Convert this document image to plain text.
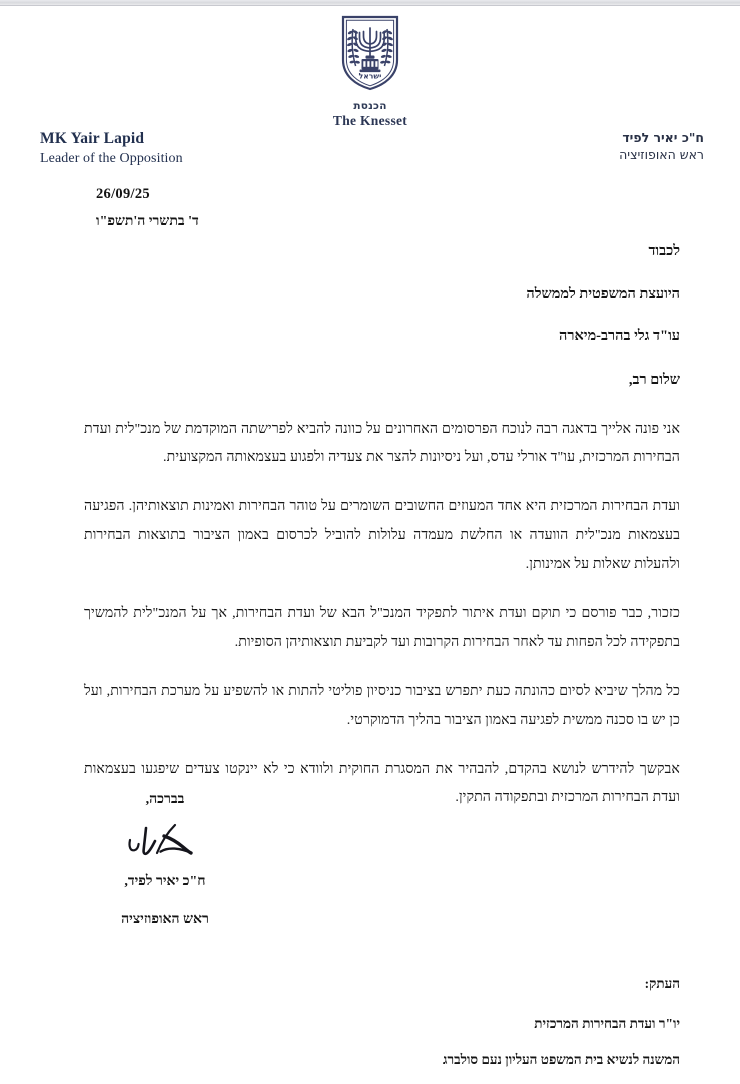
ישראל
הכנסת
The Knesset
MK Yair Lapid
Leader of the Opposition
ח"כ יאיר לפיד
ראש האופוזיציה
26/09/25
ד' בתשרי ה'תשפ"ו
לכבוד
היועצת המשפטית לממשלה
עו"ד גלי בהרב-מיארה
שלום רב,

אני פונה אלייך בדאגה רבה לנוכח הפרסומים האחרונים על כוונה להביא לפרישתה המוקדמת של מנכ"לית ועדת הבחירות המרכזית, עו"ד אורלי עדס, ועל ניסיונות להצר את צעדיה ולפגוע בעצמאותה המקצועית.

ועדת הבחירות המרכזית היא אחד המעוזים החשובים השומרים על טוהר הבחירות ואמינות תוצאותיהן. הפגיעה בעצמאות מנכ"לית הוועדה או החלשת מעמדה עלולות להוביל לכרסום באמון הציבור בתוצאות הבחירות ולהעלות שאלות על אמינותן.

כזכור, כבר פורסם כי תוקם ועדת איתור לתפקיד המנכ"ל הבא של ועדת הבחירות, אך על המנכ"לית להמשיך בתפקידה לכל הפחות עד לאחר הבחירות הקרובות ועד לקביעת תוצאותיהן הסופיות.

כל מהלך שיביא לסיום כהונתה כעת יתפרש בציבור כניסיון פוליטי להתות או להשפיע על מערכת הבחירות, ועל כן יש בו סכנה ממשית לפגיעה באמון הציבור בהליך הדמוקרטי.

אבקשך להידרש לנושא בהקדם, להבהיר את המסגרת החוקית ולוודא כי לא יינקטו צעדים שיפגעו בעצמאות ועדת הבחירות המרכזית ובתפקודה התקין.

בברכה,
ח"כ יאיר לפיד,
ראש האופוזיציה
העתק:
יו"ר ועדת הבחירות המרכזית
המשנה לנשיא בית המשפט העליון נעם סולברג
